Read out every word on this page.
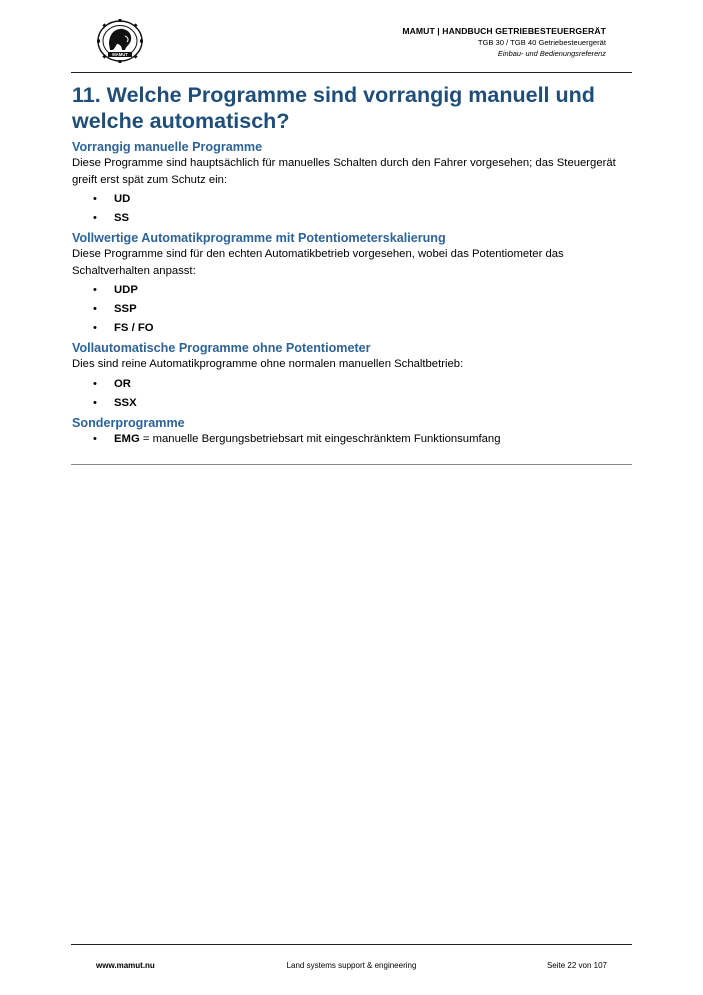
MAMUT
MAMUT | HANDBUCH GETRIEBESTEUERGERÄT
TGB 30 / TGB 40 Getriebesteuergerät
Einbau- und Bedienungsreferenz
11. Welche Programme sind vorrangig manuell und welche automatisch?
Vorrangig manuelle Programme

Diese Programme sind hauptsächlich für manuelles Schalten durch den Fahrer vorgesehen; das Steuergerät greift erst spät zum Schutz ein:

• UD
• SS
Vollwertige Automatikprogramme mit Potentiometerskalierung

Diese Programme sind für den echten Automatikbetrieb vorgesehen, wobei das Potentiometer das Schaltverhalten anpasst:

• UDP
• SSP
• FS / FO
Vollautomatische Programme ohne Potentiometer

Dies sind reine Automatikprogramme ohne normalen manuellen Schaltbetrieb:

• OR
• SSX
Sonderprogramme
• EMG = manuelle Bergungsbetriebsart mit eingeschränktem Funktionsumfang
www.mamut.nu	Land systems support & engineering	Seite 22 von 107
